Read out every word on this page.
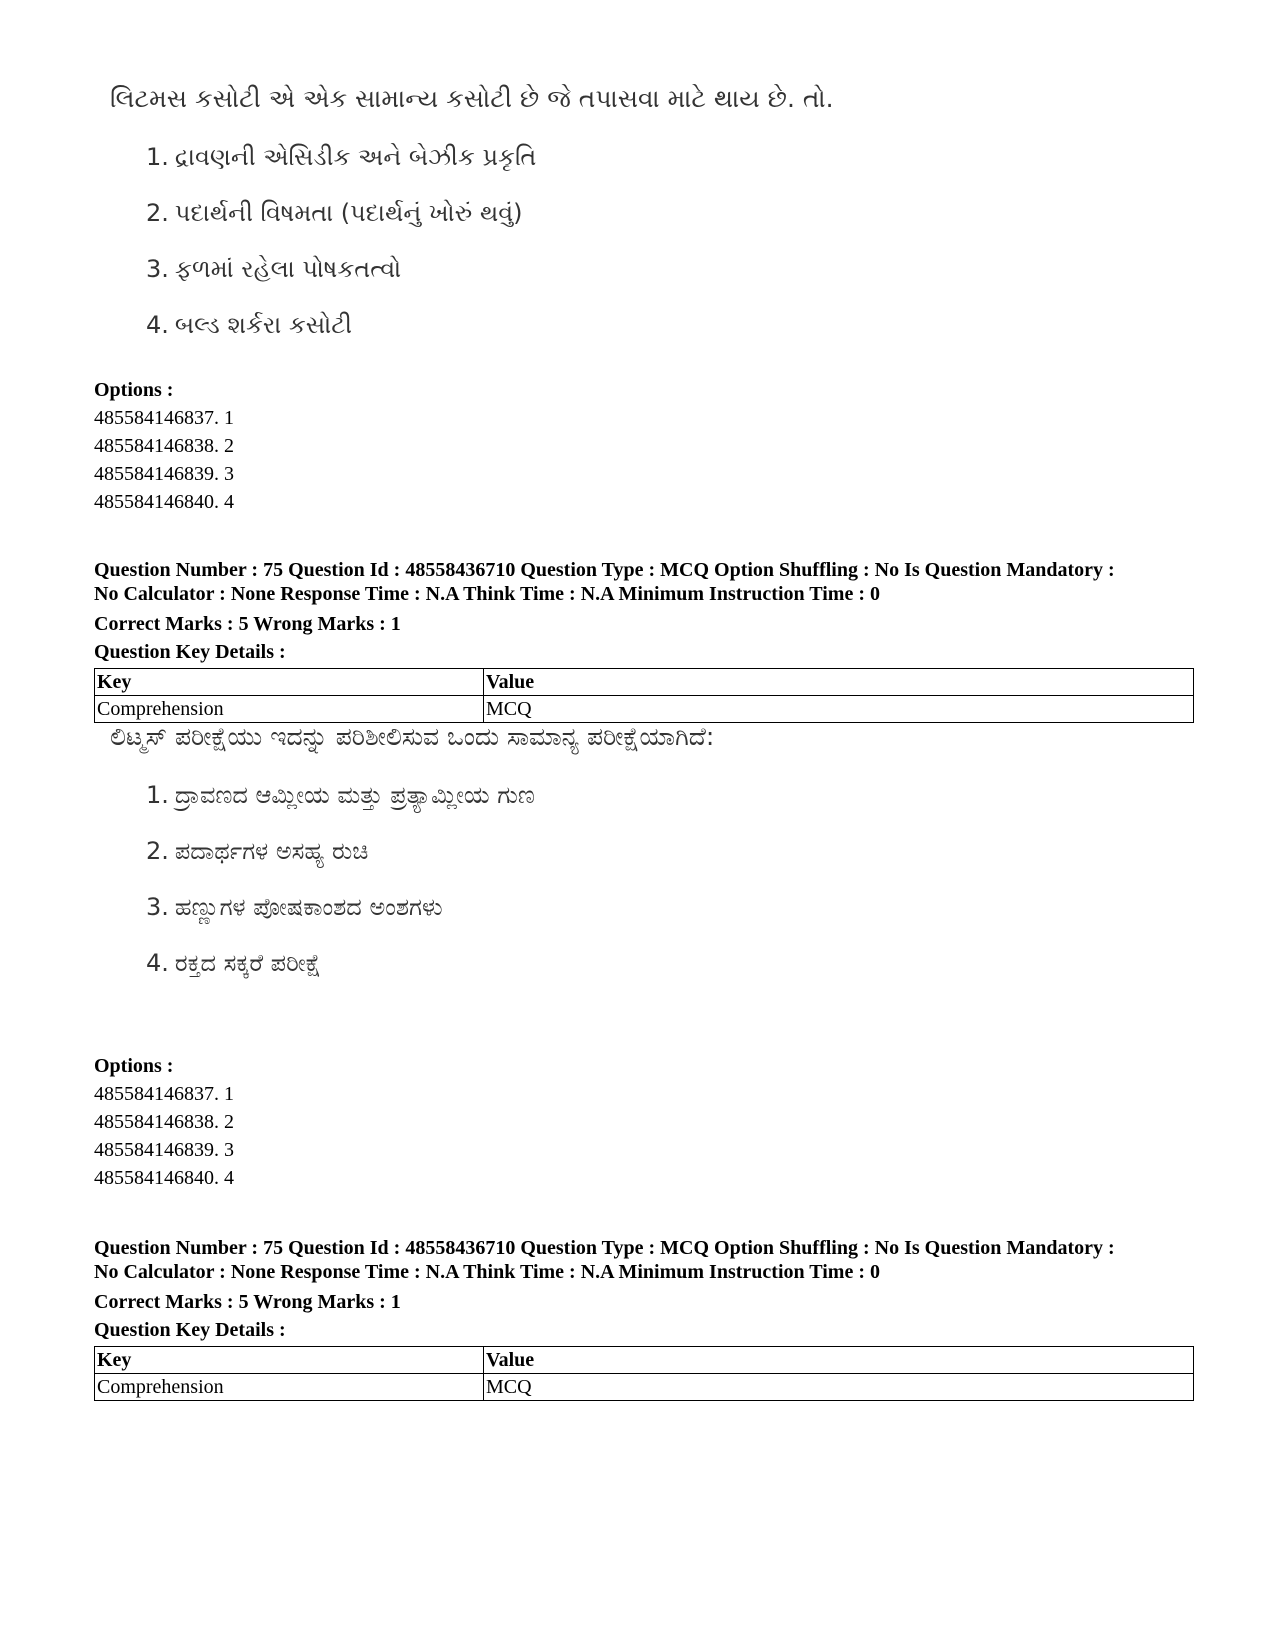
લિટમસ કસોટી એ એક સામાન્ય કસોટી છે જે તપાસવા માટે થાય છે. તો.
1. દ્રાવણની એસિડીક અને બેઝીક પ્રકૃતિ
2. પદાર્થની વિષમતા (પદાર્થનું ખોરું થવું)
3. ફળમાં રહેલા પોષકતત્વો
4. બલ્ડ શર્કરા કસોટી
Options :
485584146837. 1
485584146838. 2
485584146839. 3
485584146840. 4
Question Number : 75 Question Id : 48558436710 Question Type : MCQ Option Shuffling : No Is Question Mandatory :
No Calculator : None Response Time : N.A Think Time : N.A Minimum Instruction Time : 0
Correct Marks : 5 Wrong Marks : 1
Question Key Details :
Key	Value
Comprehension	MCQ
ಲಿಟ್ಮಸ್ ಪರೀಕ್ಷೆಯು ಇದನ್ನು ಪರಿಶೀಲಿಸುವ ಒಂದು ಸಾಮಾನ್ಯ ಪರೀಕ್ಷೆಯಾಗಿದೆ:
1. ದ್ರಾವಣದ ಆಮ್ಲೀಯ ಮತ್ತು ಪ್ರತ್ಯಾಮ್ಲೀಯ ಗುಣ
2. ಪದಾರ್ಥಗಳ ಅಸಹ್ಯ ರುಚಿ
3. ಹಣ್ಣುಗಳ ಪೋಷಕಾಂಶದ ಅಂಶಗಳು
4. ರಕ್ತದ ಸಕ್ಕರೆ ಪರೀಕ್ಷೆ
Options :
485584146837. 1
485584146838. 2
485584146839. 3
485584146840. 4
Question Number : 75 Question Id : 48558436710 Question Type : MCQ Option Shuffling : No Is Question Mandatory :
No Calculator : None Response Time : N.A Think Time : N.A Minimum Instruction Time : 0
Correct Marks : 5 Wrong Marks : 1
Question Key Details :
Key	Value
Comprehension	MCQ
